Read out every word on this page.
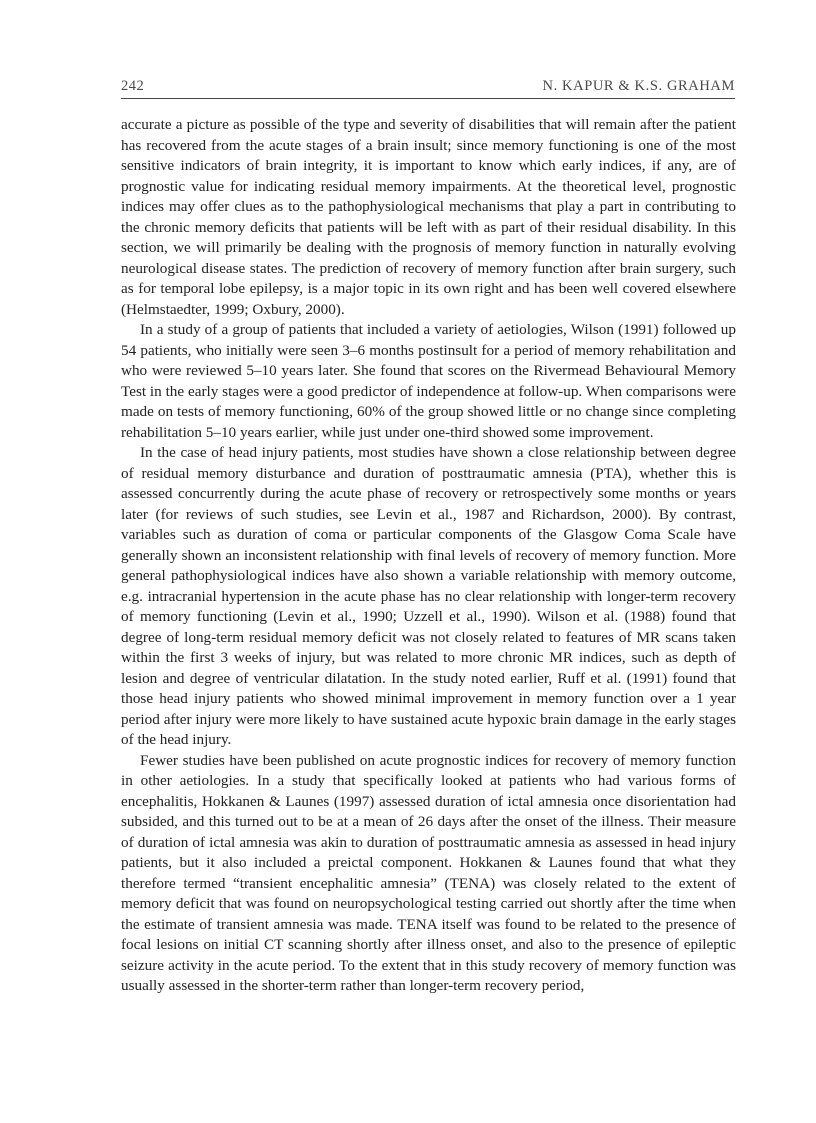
242	N. KAPUR & K.S. GRAHAM

accurate a picture as possible of the type and severity of disabilities that will remain after the patient has recovered from the acute stages of a brain insult; since memory functioning is one of the most sensitive indicators of brain integrity, it is important to know which early indices, if any, are of prognostic value for indicating residual memory impairments. At the theoretical level, prognostic indices may offer clues as to the pathophysiological mechanisms that play a part in contributing to the chronic memory deficits that patients will be left with as part of their residual disability. In this section, we will primarily be dealing with the prognosis of memory function in naturally evolving neurological disease states. The prediction of recovery of memory function after brain surgery, such as for temporal lobe epilepsy, is a major topic in its own right and has been well covered elsewhere (Helmstaedter, 1999; Oxbury, 2000).

In a study of a group of patients that included a variety of aetiologies, Wilson (1991) followed up 54 patients, who initially were seen 3–6 months postinsult for a period of memory rehabilitation and who were reviewed 5–10 years later. She found that scores on the Rivermead Behavioural Memory Test in the early stages were a good predictor of independence at follow-up. When comparisons were made on tests of memory functioning, 60% of the group showed little or no change since completing rehabilitation 5–10 years earlier, while just under one-third showed some improvement.

In the case of head injury patients, most studies have shown a close relationship between degree of residual memory disturbance and duration of posttraumatic amnesia (PTA), whether this is assessed concurrently during the acute phase of recovery or retrospectively some months or years later (for reviews of such studies, see Levin et al., 1987 and Richardson, 2000). By contrast, variables such as duration of coma or particular components of the Glasgow Coma Scale have generally shown an inconsistent relationship with final levels of recovery of memory function. More general pathophysiological indices have also shown a variable relationship with memory outcome, e.g. intracranial hypertension in the acute phase has no clear relationship with longer-term recovery of memory functioning (Levin et al., 1990; Uzzell et al., 1990). Wilson et al. (1988) found that degree of long-term residual memory deficit was not closely related to features of MR scans taken within the first 3 weeks of injury, but was related to more chronic MR indices, such as depth of lesion and degree of ventricular dilatation. In the study noted earlier, Ruff et al. (1991) found that those head injury patients who showed minimal improvement in memory function over a 1 year period after injury were more likely to have sustained acute hypoxic brain damage in the early stages of the head injury.

Fewer studies have been published on acute prognostic indices for recovery of memory function in other aetiologies. In a study that specifically looked at patients who had various forms of encephalitis, Hokkanen & Launes (1997) assessed duration of ictal amnesia once disorientation had subsided, and this turned out to be at a mean of 26 days after the onset of the illness. Their measure of duration of ictal amnesia was akin to duration of posttraumatic amnesia as assessed in head injury patients, but it also included a preictal component. Hokkanen & Launes found that what they therefore termed “transient encephalitic amnesia” (TENA) was closely related to the extent of memory deficit that was found on neuropsychological testing carried out shortly after the time when the estimate of transient amnesia was made. TENA itself was found to be related to the presence of focal lesions on initial CT scanning shortly after illness onset, and also to the presence of epileptic seizure activity in the acute period. To the extent that in this study recovery of memory function was usually assessed in the shorter-term rather than longer-term recovery period,
